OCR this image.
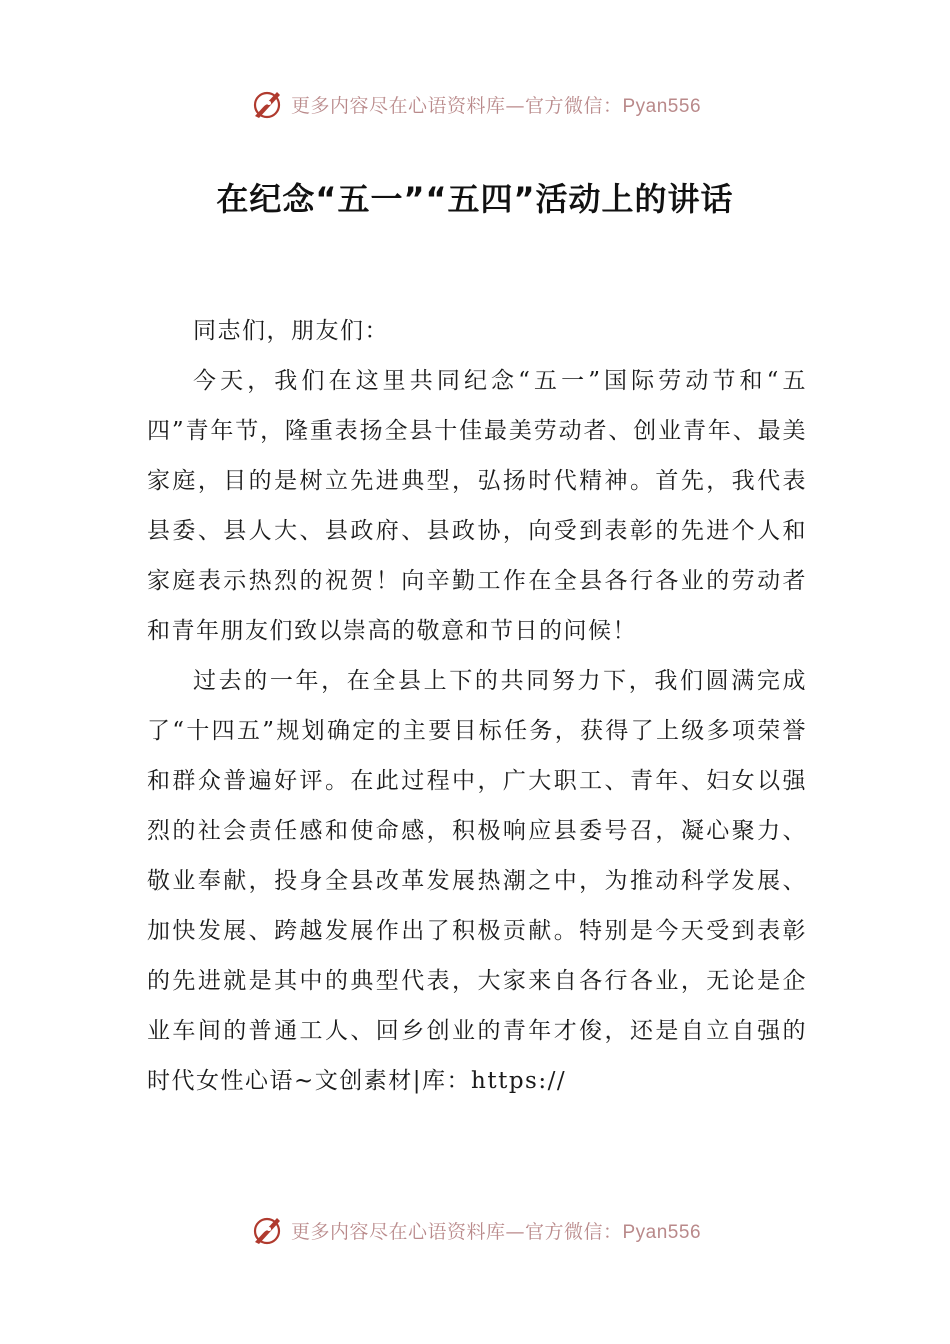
更多内容尽在心语资料库—官方微信：Pyan556
在纪念“五一”“五四”活动上的讲话

同志们，朋友们：

今天，我们在这里共同纪念“五一”国际劳动节和“五四”青年节，隆重表扬全县十佳最美劳动者、创业青年、最美家庭，目的是树立先进典型，弘扬时代精神。首先，我代表县委、县人大、县政府、县政协，向受到表彰的先进个人和家庭表示热烈的祝贺！向辛勤工作在全县各行各业的劳动者和青年朋友们致以崇高的敬意和节日的问候！

过去的一年，在全县上下的共同努力下，我们圆满完成了“十四五”规划确定的主要目标任务，获得了上级多项荣誉和群众普遍好评。在此过程中，广大职工、青年、妇女以强烈的社会责任感和使命感，积极响应县委号召，凝心聚力、敬业奉献，投身全县改革发展热潮之中，为推动科学发展、加快发展、跨越发展作出了积极贡献。特别是今天受到表彰的先进就是其中的典型代表，大家来自各行各业，无论是企业车间的普通工人、回乡创业的青年才俊，还是自立自强的时代女性心语~文创素材|库：https://

更多内容尽在心语资料库—官方微信：Pyan556
